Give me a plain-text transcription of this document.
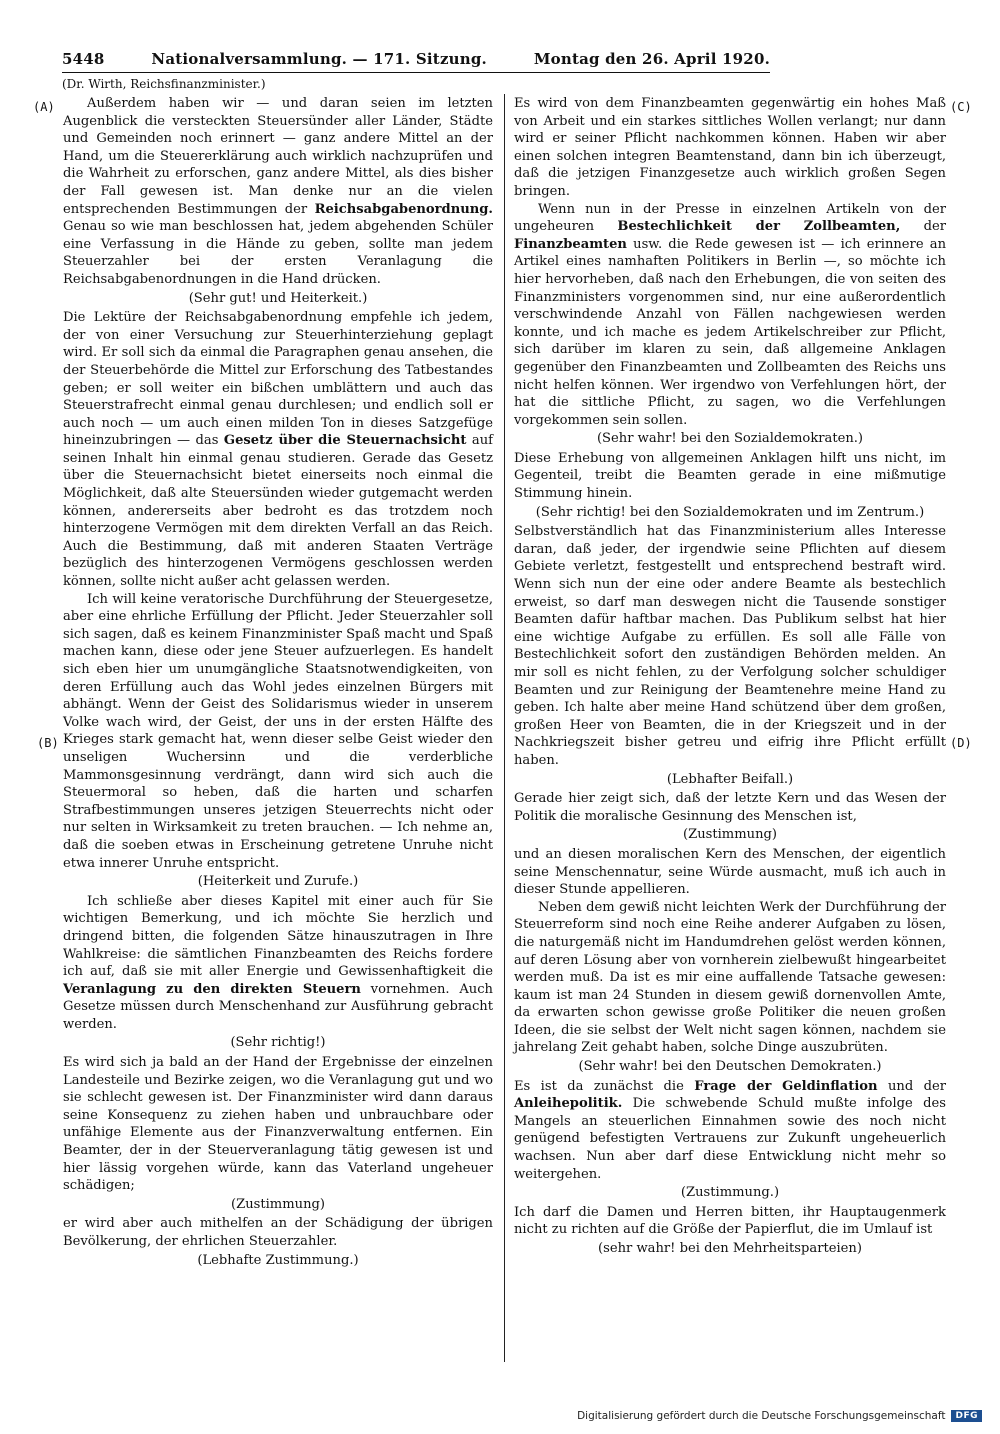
5448	Nationalversammlung. — 171. Sitzung.	Montag den 26. April 1920.
(Dr. Wirth, Reichsfinanzminister.)
(A)
(B)
(C)
(D)

Außerdem haben wir — und daran seien im letzten Augenblick die versteckten Steuersünder aller Länder, Städte und Gemeinden noch erinnert — ganz andere Mittel an der Hand, um die Steuererklärung auch wirklich nachzuprüfen und die Wahrheit zu erforschen, ganz andere Mittel, als dies bisher der Fall gewesen ist. Man denke nur an die vielen entsprechenden Bestimmungen der Reichsabgabenordnung. Genau so wie man beschlossen hat, jedem abgehenden Schüler eine Verfassung in die Hände zu geben, sollte man jedem Steuerzahler bei der ersten Veranlagung die Reichsabgabenordnungen in die Hand drücken.

(Sehr gut! und Heiterkeit.)

Die Lektüre der Reichsabgabenordnung empfehle ich jedem, der von einer Versuchung zur Steuerhinterziehung geplagt wird. Er soll sich da einmal die Paragraphen genau ansehen, die der Steuerbehörde die Mittel zur Erforschung des Tatbestandes geben; er soll weiter ein bißchen umblättern und auch das Steuerstrafrecht einmal genau durchlesen; und endlich soll er auch noch — um auch einen milden Ton in dieses Satzgefüge hineinzubringen — das Gesetz über die Steuernachsicht auf seinen Inhalt hin einmal genau studieren. Gerade das Gesetz über die Steuernachsicht bietet einerseits noch einmal die Möglichkeit, daß alte Steuersünden wieder gutgemacht werden können, andererseits aber bedroht es das trotzdem noch hinterzogene Vermögen mit dem direkten Verfall an das Reich. Auch die Bestimmung, daß mit anderen Staaten Verträge bezüglich des hinterzogenen Vermögens geschlossen werden können, sollte nicht außer acht gelassen werden.

Ich will keine veratorische Durchführung der Steuergesetze, aber eine ehrliche Erfüllung der Pflicht. Jeder Steuerzahler soll sich sagen, daß es keinem Finanzminister Spaß macht und Spaß machen kann, diese oder jene Steuer aufzuerlegen. Es handelt sich eben hier um unumgängliche Staatsnotwendigkeiten, von deren Erfüllung auch das Wohl jedes einzelnen Bürgers mit abhängt. Wenn der Geist des Solidarismus wieder in unserem Volke wach wird, der Geist, der uns in der ersten Hälfte des Krieges stark gemacht hat, wenn dieser selbe Geist wieder den unseligen Wuchersinn und die verderbliche Mammonsgesinnung verdrängt, dann wird sich auch die Steuermoral so heben, daß die harten und scharfen Strafbestimmungen unseres jetzigen Steuerrechts nicht oder nur selten in Wirksamkeit zu treten brauchen. — Ich nehme an, daß die soeben etwas in Erscheinung getretene Unruhe nicht etwa innerer Unruhe entspricht.

(Heiterkeit und Zurufe.)

Ich schließe aber dieses Kapitel mit einer auch für Sie wichtigen Bemerkung, und ich möchte Sie herzlich und dringend bitten, die folgenden Sätze hinauszutragen in Ihre Wahlkreise: die sämtlichen Finanzbeamten des Reichs fordere ich auf, daß sie mit aller Energie und Gewissenhaftigkeit die Veranlagung zu den direkten Steuern vornehmen. Auch Gesetze müssen durch Menschenhand zur Ausführung gebracht werden.

(Sehr richtig!)

Es wird sich ja bald an der Hand der Ergebnisse der einzelnen Landesteile und Bezirke zeigen, wo die Veranlagung gut und wo sie schlecht gewesen ist. Der Finanzminister wird dann daraus seine Konsequenz zu ziehen haben und unbrauchbare oder unfähige Elemente aus der Finanzverwaltung entfernen. Ein Beamter, der in der Steuerveranlagung tätig gewesen ist und hier lässig vorgehen würde, kann das Vaterland ungeheuer schädigen;

(Zustimmung)

er wird aber auch mithelfen an der Schädigung der übrigen Bevölkerung, der ehrlichen Steuerzahler.

(Lebhafte Zustimmung.)

Es wird von dem Finanzbeamten gegenwärtig ein hohes Maß von Arbeit und ein starkes sittliches Wollen verlangt; nur dann wird er seiner Pflicht nachkommen können. Haben wir aber einen solchen integren Beamtenstand, dann bin ich überzeugt, daß die jetzigen Finanzgesetze auch wirklich großen Segen bringen.

Wenn nun in der Presse in einzelnen Artikeln von der ungeheuren Bestechlichkeit der Zollbeamten, der Finanzbeamten usw. die Rede gewesen ist — ich erinnere an Artikel eines namhaften Politikers in Berlin —, so möchte ich hier hervorheben, daß nach den Erhebungen, die von seiten des Finanzministers vorgenommen sind, nur eine außerordentlich verschwindende Anzahl von Fällen nachgewiesen werden konnte, und ich mache es jedem Artikelschreiber zur Pflicht, sich darüber im klaren zu sein, daß allgemeine Anklagen gegenüber den Finanzbeamten und Zollbeamten des Reichs uns nicht helfen können. Wer irgendwo von Verfehlungen hört, der hat die sittliche Pflicht, zu sagen, wo die Verfehlungen vorgekommen sein sollen.

(Sehr wahr! bei den Sozialdemokraten.)

Diese Erhebung von allgemeinen Anklagen hilft uns nicht, im Gegenteil, treibt die Beamten gerade in eine mißmutige Stimmung hinein.

(Sehr richtig! bei den Sozialdemokraten und im Zentrum.)

Selbstverständlich hat das Finanzministerium alles Interesse daran, daß jeder, der irgendwie seine Pflichten auf diesem Gebiete verletzt, festgestellt und entsprechend bestraft wird. Wenn sich nun der eine oder andere Beamte als bestechlich erweist, so darf man deswegen nicht die Tausende sonstiger Beamten dafür haftbar machen. Das Publikum selbst hat hier eine wichtige Aufgabe zu erfüllen. Es soll alle Fälle von Bestechlichkeit sofort den zuständigen Behörden melden. An mir soll es nicht fehlen, zu der Verfolgung solcher schuldiger Beamten und zur Reinigung der Beamtenehre meine Hand zu geben. Ich halte aber meine Hand schützend über dem großen, großen Heer von Beamten, die in der Kriegszeit und in der Nachkriegszeit bisher getreu und eifrig ihre Pflicht erfüllt haben.

(Lebhafter Beifall.)

Gerade hier zeigt sich, daß der letzte Kern und das Wesen der Politik die moralische Gesinnung des Menschen ist,

(Zustimmung)

und an diesen moralischen Kern des Menschen, der eigentlich seine Menschennatur, seine Würde ausmacht, muß ich auch in dieser Stunde appellieren.

Neben dem gewiß nicht leichten Werk der Durchführung der Steuerreform sind noch eine Reihe anderer Aufgaben zu lösen, die naturgemäß nicht im Handumdrehen gelöst werden können, auf deren Lösung aber von vornherein zielbewußt hingearbeitet werden muß. Da ist es mir eine auffallende Tatsache gewesen: kaum ist man 24 Stunden in diesem gewiß dornenvollen Amte, da erwarten schon gewisse große Politiker die neuen großen Ideen, die sie selbst der Welt nicht sagen können, nachdem sie jahrelang Zeit gehabt haben, solche Dinge auszubrüten.

(Sehr wahr! bei den Deutschen Demokraten.)

Es ist da zunächst die Frage der Geldinflation und der Anleihepolitik. Die schwebende Schuld mußte infolge des Mangels an steuerlichen Einnahmen sowie des noch nicht genügend befestigten Vertrauens zur Zukunft ungeheuerlich wachsen. Nun aber darf diese Entwicklung nicht mehr so weitergehen.

(Zustimmung.)

Ich darf die Damen und Herren bitten, ihr Hauptaugenmerk nicht zu richten auf die Größe der Papierflut, die im Umlauf ist

(sehr wahr! bei den Mehrheitsparteien)
Digitalisierung gefördert durch die Deutsche Forschungsgemeinschaft	DFG
